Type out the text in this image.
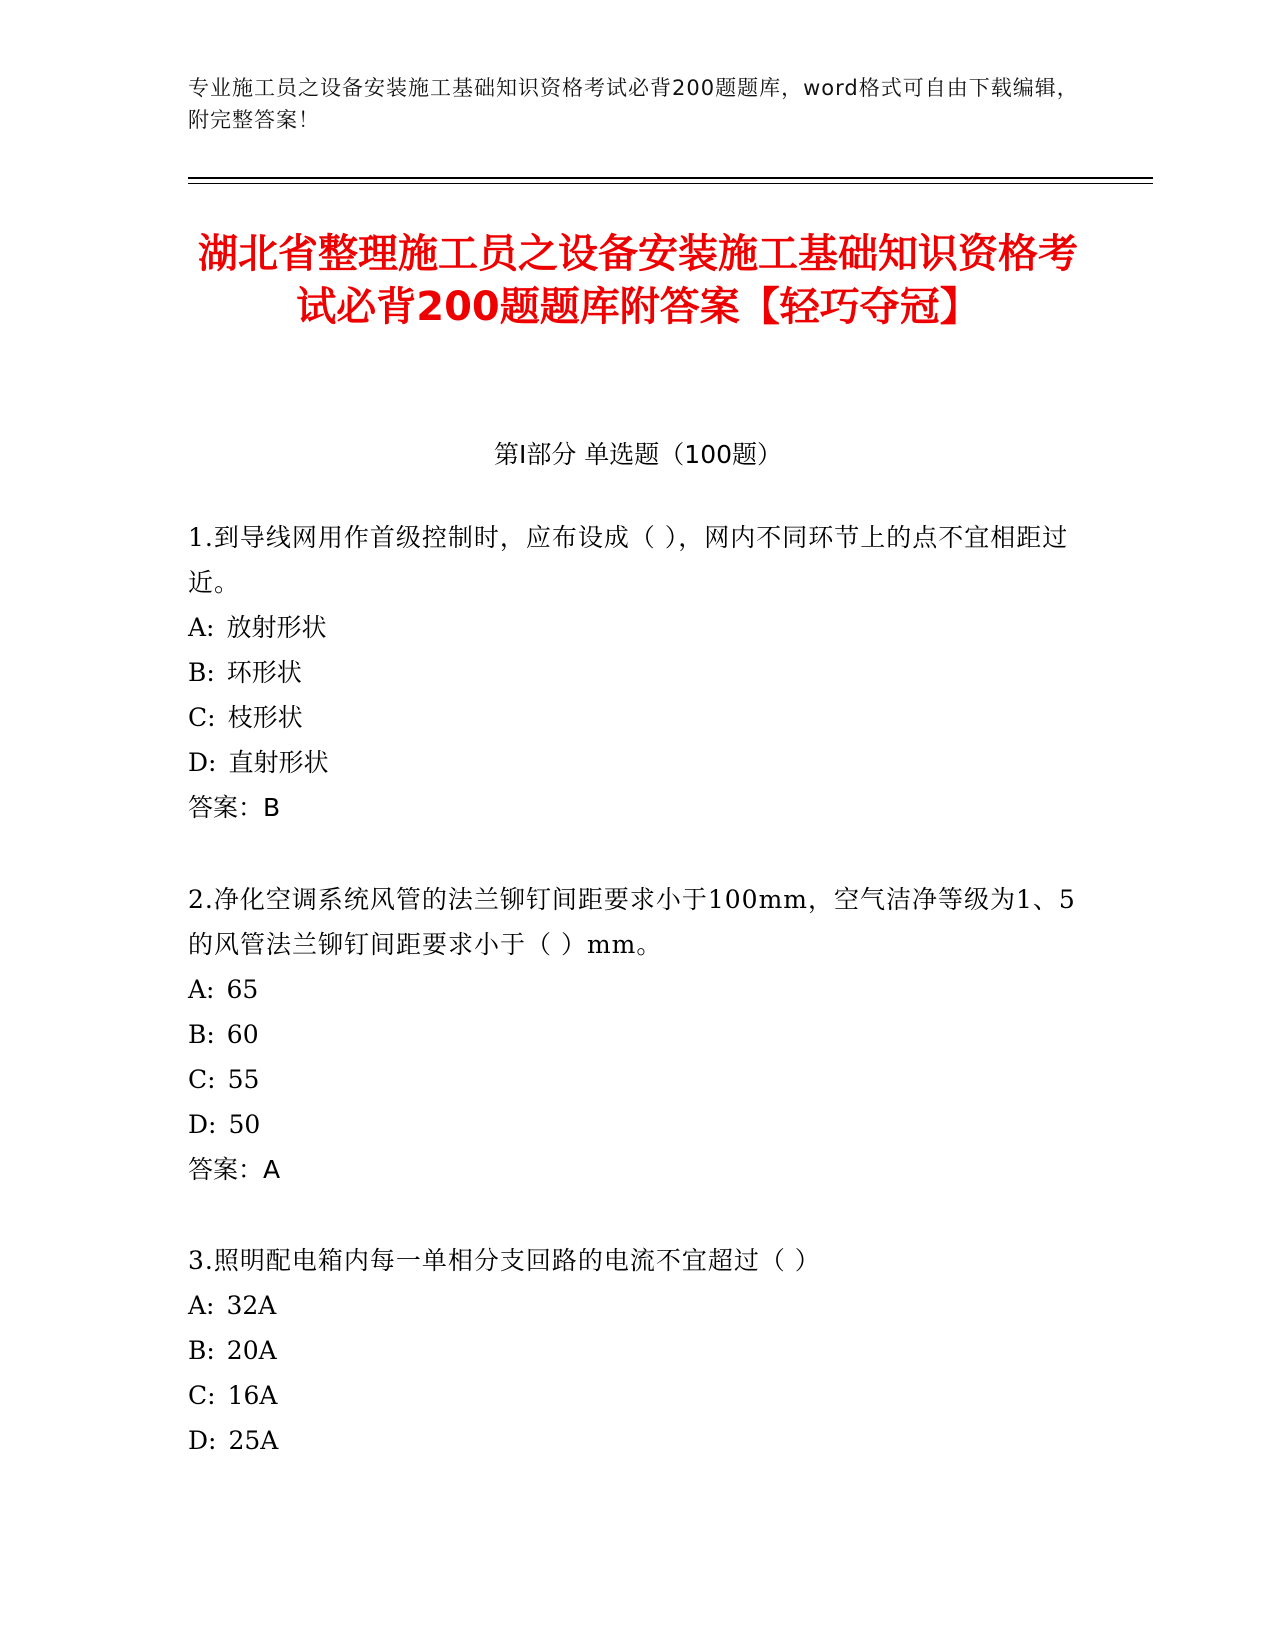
专业施工员之设备安装施工基础知识资格考试必背200题题库，word格式可自由下载编辑，附完整答案！
湖北省整理施工员之设备安装施工基础知识资格考试必背200题题库附答案【轻巧夺冠】
第Ⅰ部分 单选题（100题）

1.到导线网用作首级控制时，应布设成（ ），网内不同环节上的点不宜相距过近。

A: 放射形状

B: 环形状

C: 枝形状

D: 直射形状

答案：B

2.净化空调系统风管的法兰铆钉间距要求小于100mm，空气洁净等级为1、5的风管法兰铆钉间距要求小于（ ）mm。

A: 65

B: 60

C: 55

D: 50

答案：A

3.照明配电箱内每一单相分支回路的电流不宜超过（ ）

A: 32A

B: 20A

C: 16A

D: 25A
